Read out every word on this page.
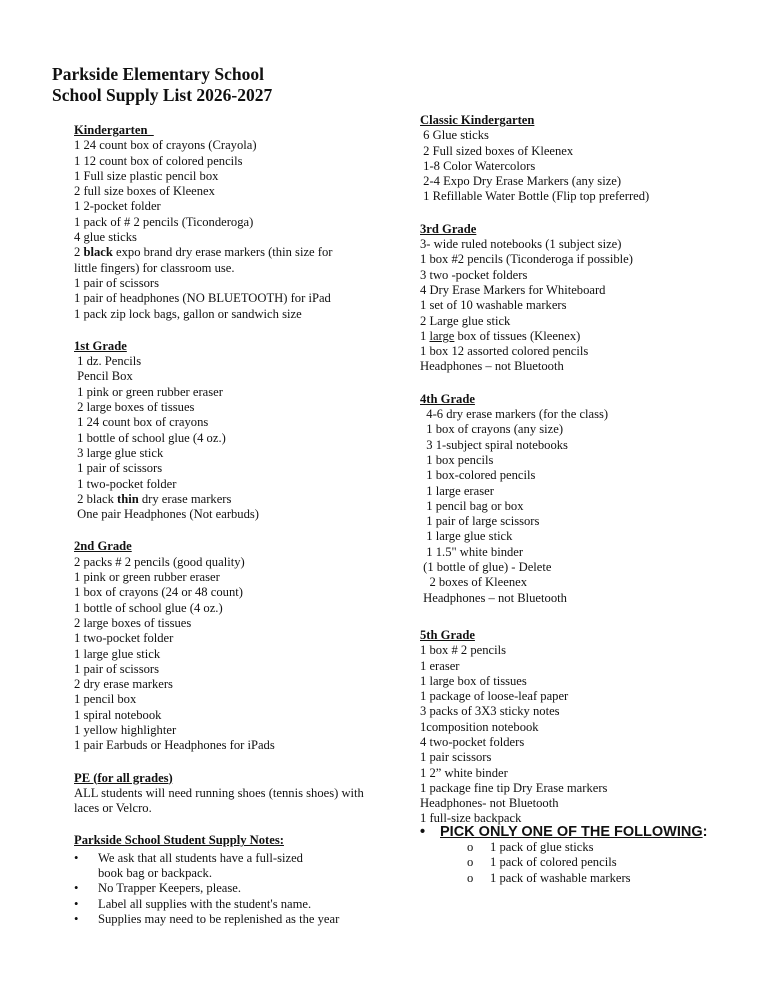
Parkside Elementary School
School Supply List 2026-2027
Kindergarten
1 24 count box of crayons (Crayola)
1 12 count box of colored pencils
1 Full size plastic pencil box
2 full size boxes of Kleenex
1 2-pocket folder
1 pack of # 2 pencils (Ticonderoga)
4 glue sticks
2 black expo brand dry erase markers (thin size for little fingers) for classroom use.
1 pair of scissors
1 pair of headphones (NO BLUETOOTH) for iPad
1 pack zip lock bags, gallon or sandwich size
1st Grade
1 dz. Pencils
Pencil Box
1 pink or green rubber eraser
2 large boxes of tissues
1 24 count box of crayons
1 bottle of school glue (4 oz.)
3 large glue stick
1 pair of scissors
1 two-pocket folder
2 black thin dry erase markers
One pair Headphones (Not earbuds)
2nd Grade
2 packs # 2 pencils (good quality)
1 pink or green rubber eraser
1 box of crayons (24 or 48 count)
1 bottle of school glue (4 oz.)
2 large boxes of tissues
1 two-pocket folder
1 large glue stick
1 pair of scissors
2 dry erase markers
1 pencil box
1 spiral notebook
1 yellow highlighter
1 pair Earbuds or Headphones for iPads
PE (for all grades)
ALL students will need running shoes (tennis shoes) with laces or Velcro.
Parkside School Student Supply Notes:
• We ask that all students have a full-sized book bag or backpack.
• No Trapper Keepers, please.
• Label all supplies with the student's name.
• Supplies may need to be replenished as the year
Classic Kindergarten
6 Glue sticks
2 Full sized boxes of Kleenex
1-8 Color Watercolors
2-4 Expo Dry Erase Markers (any size)
1 Refillable Water Bottle (Flip top preferred)
3rd Grade
3- wide ruled notebooks (1 subject size)
1 box #2 pencils (Ticonderoga if possible)
3 two -pocket folders
4 Dry Erase Markers for Whiteboard
1 set of 10 washable markers
2 Large glue stick
1 large box of tissues (Kleenex)
1 box 12 assorted colored pencils
Headphones – not Bluetooth
4th Grade
4-6 dry erase markers (for the class)
1 box of crayons (any size)
3 1-subject spiral notebooks
1 box pencils
1 box-colored pencils
1 large eraser
1 pencil bag or box
1 pair of large scissors
1 large glue stick
1 1.5" white binder
(1 bottle of glue) - Delete
2 boxes of Kleenex
Headphones – not Bluetooth
5th Grade
1 box # 2 pencils
1 eraser
1 large box of tissues
1 package of loose-leaf paper
3 packs of 3X3 sticky notes
1composition notebook
4 two-pocket folders
1 pair scissors
1 2” white binder
1 package fine tip Dry Erase markers
Headphones- not Bluetooth
1 full-size backpack
• PICK ONLY ONE OF THE FOLLOWING:
o 1 pack of glue sticks
o 1 pack of colored pencils
o 1 pack of washable markers
